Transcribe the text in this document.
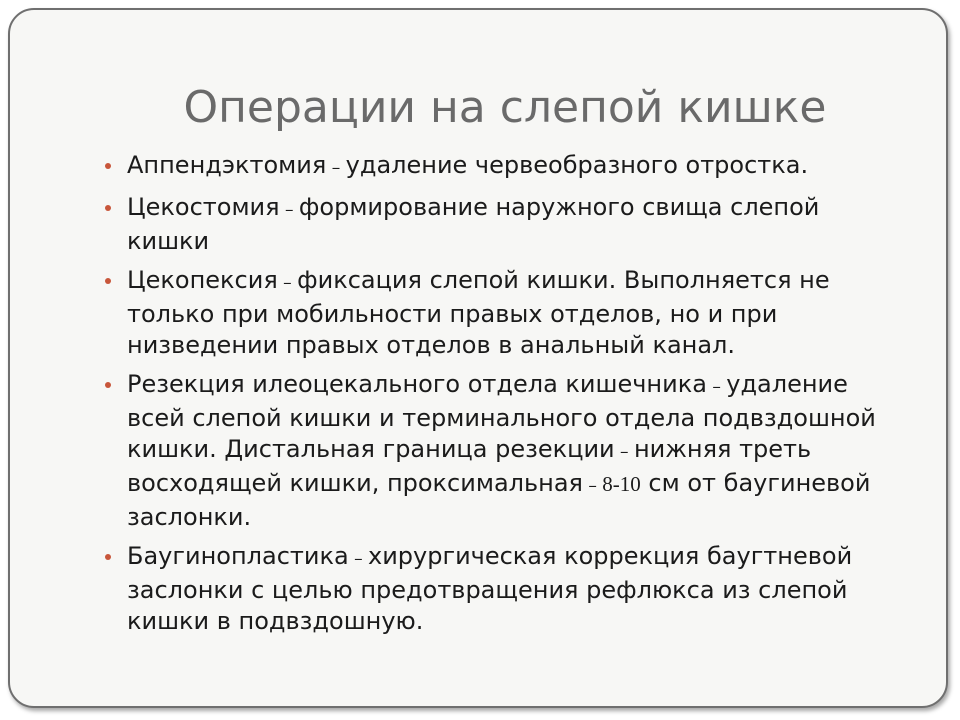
Операции на слепой кишке
Аппендэктомия – удаление червеобразного отростка.
Цекостомия – формирование наружного свища слепой кишки
Цекопексия – фиксация слепой кишки. Выполняется не только при мобильности правых отделов, но и при низведении правых отделов в анальный канал.
Резекция илеоцекального отдела кишечника – удаление всей слепой кишки и терминального отдела подвздошной кишки. Дистальная граница резекции – нижняя треть восходящей кишки, проксимальная – 8-10 см от баугиневой заслонки.
Баугинопластика – хирургическая коррекция баугтневой заслонки с целью предотвращения рефлюкса из слепой кишки в подвздошную.
